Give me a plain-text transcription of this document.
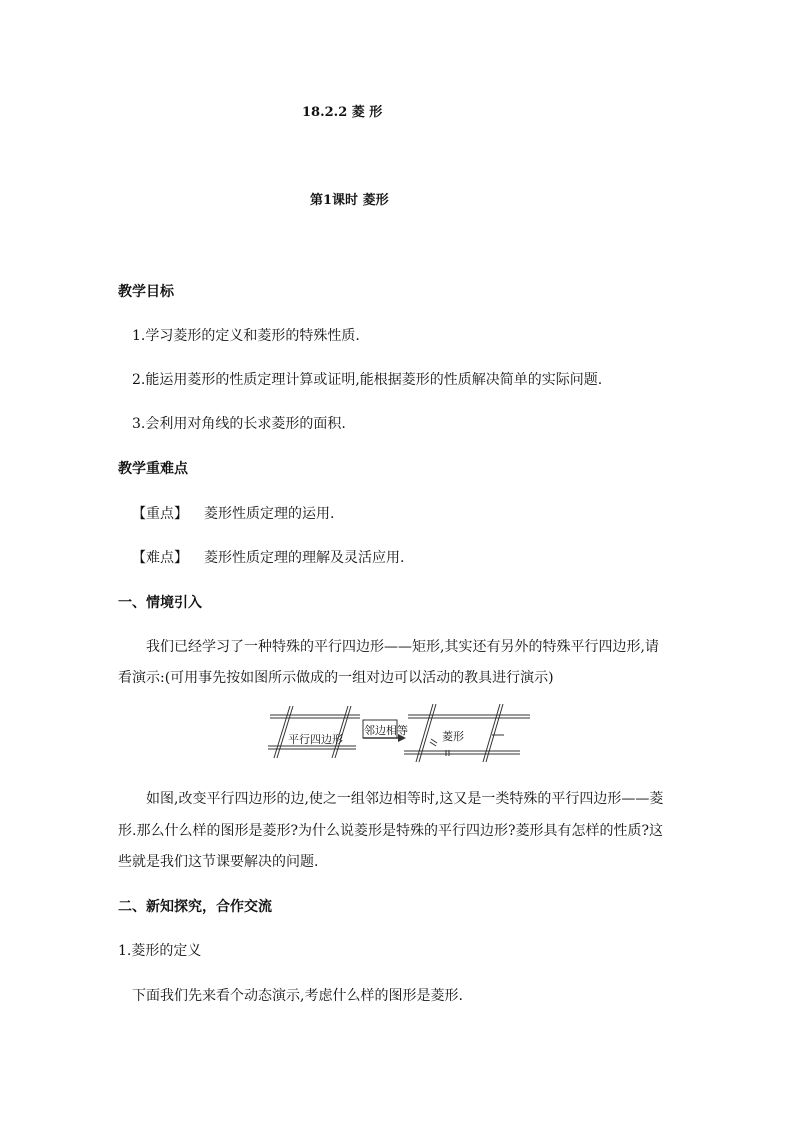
18.2.2 菱 形
第1课时 菱形
教学目标
1.学习菱形的定义和菱形的特殊性质.
2.能运用菱形的性质定理计算或证明,能根据菱形的性质解决简单的实际问题.
3.会利用对角线的长求菱形的面积.
教学重难点
【重点】 菱形性质定理的运用.
【难点】 菱形性质定理的理解及灵活应用.
一、情境引入
我们已经学习了一种特殊的平行四边形——矩形,其实还有另外的特殊平行四边形,请
看演示:(可用事先按如图所示做成的一组对边可以活动的教具进行演示)
平行四边形
邻边相等	菱形
如图,改变平行四边形的边,使之一组邻边相等时,这又是一类特殊的平行四边形——菱
形.那么什么样的图形是菱形?为什么说菱形是特殊的平行四边形?菱形具有怎样的性质?这
些就是我们这节课要解决的问题.
二、新知探究，合作交流
1.菱形的定义
下面我们先来看个动态演示,考虑什么样的图形是菱形.
